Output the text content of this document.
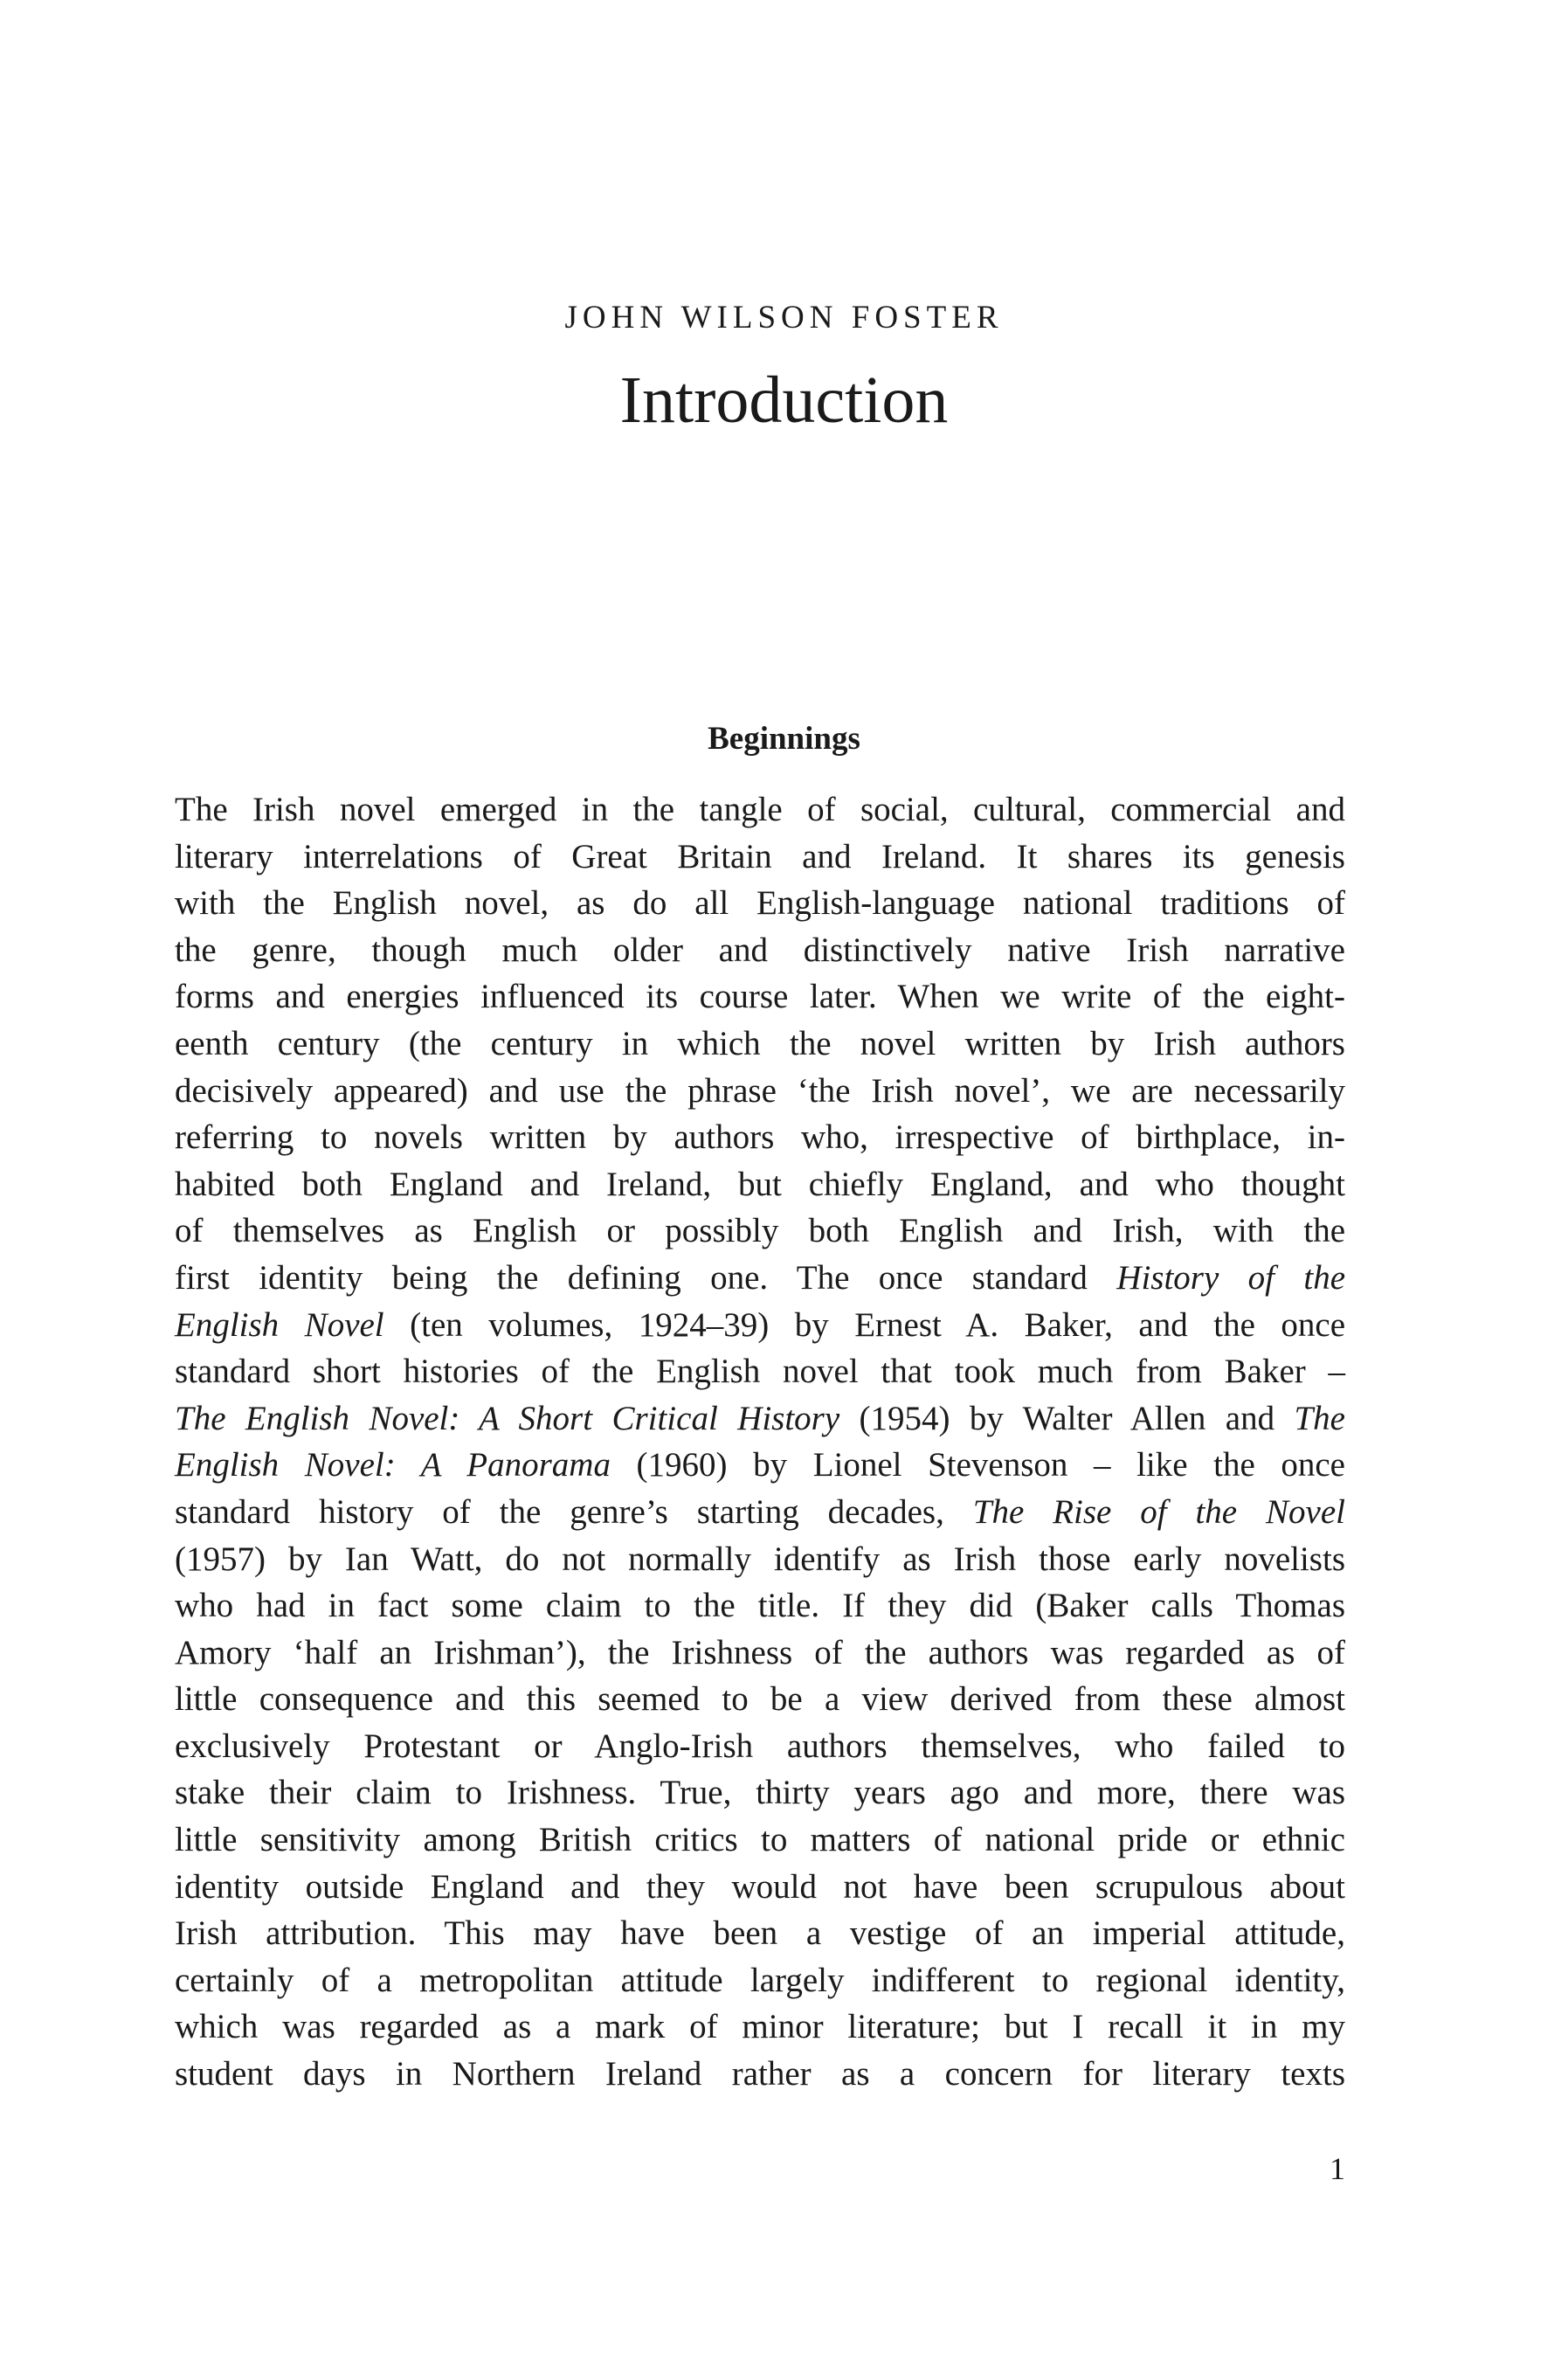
JOHN WILSON FOSTER
Introduction
Beginnings
The Irish novel emerged in the tangle of social, cultural, commercial and
literary interrelations of Great Britain and Ireland. It shares its genesis
with the English novel, as do all English-language national traditions of
the genre, though much older and distinctively native Irish narrative
forms and energies influenced its course later. When we write of the eight-
eenth century (the century in which the novel written by Irish authors
decisively appeared) and use the phrase ‘the Irish novel’, we are necessarily
referring to novels written by authors who, irrespective of birthplace, in-
habited both England and Ireland, but chiefly England, and who thought
of themselves as English or possibly both English and Irish, with the
first identity being the defining one. The once standard History of the
English Novel (ten volumes, 1924–39) by Ernest A. Baker, and the once
standard short histories of the English novel that took much from Baker –
The English Novel: A Short Critical History (1954) by Walter Allen and The
English Novel: A Panorama (1960) by Lionel Stevenson – like the once
standard history of the genre’s starting decades, The Rise of the Novel
(1957) by Ian Watt, do not normally identify as Irish those early novelists
who had in fact some claim to the title. If they did (Baker calls Thomas
Amory ‘half an Irishman’), the Irishness of the authors was regarded as of
little consequence and this seemed to be a view derived from these almost
exclusively Protestant or Anglo-Irish authors themselves, who failed to
stake their claim to Irishness. True, thirty years ago and more, there was
little sensitivity among British critics to matters of national pride or ethnic
identity outside England and they would not have been scrupulous about
Irish attribution. This may have been a vestige of an imperial attitude,
certainly of a metropolitan attitude largely indifferent to regional identity,
which was regarded as a mark of minor literature; but I recall it in my
student days in Northern Ireland rather as a concern for literary texts
1
